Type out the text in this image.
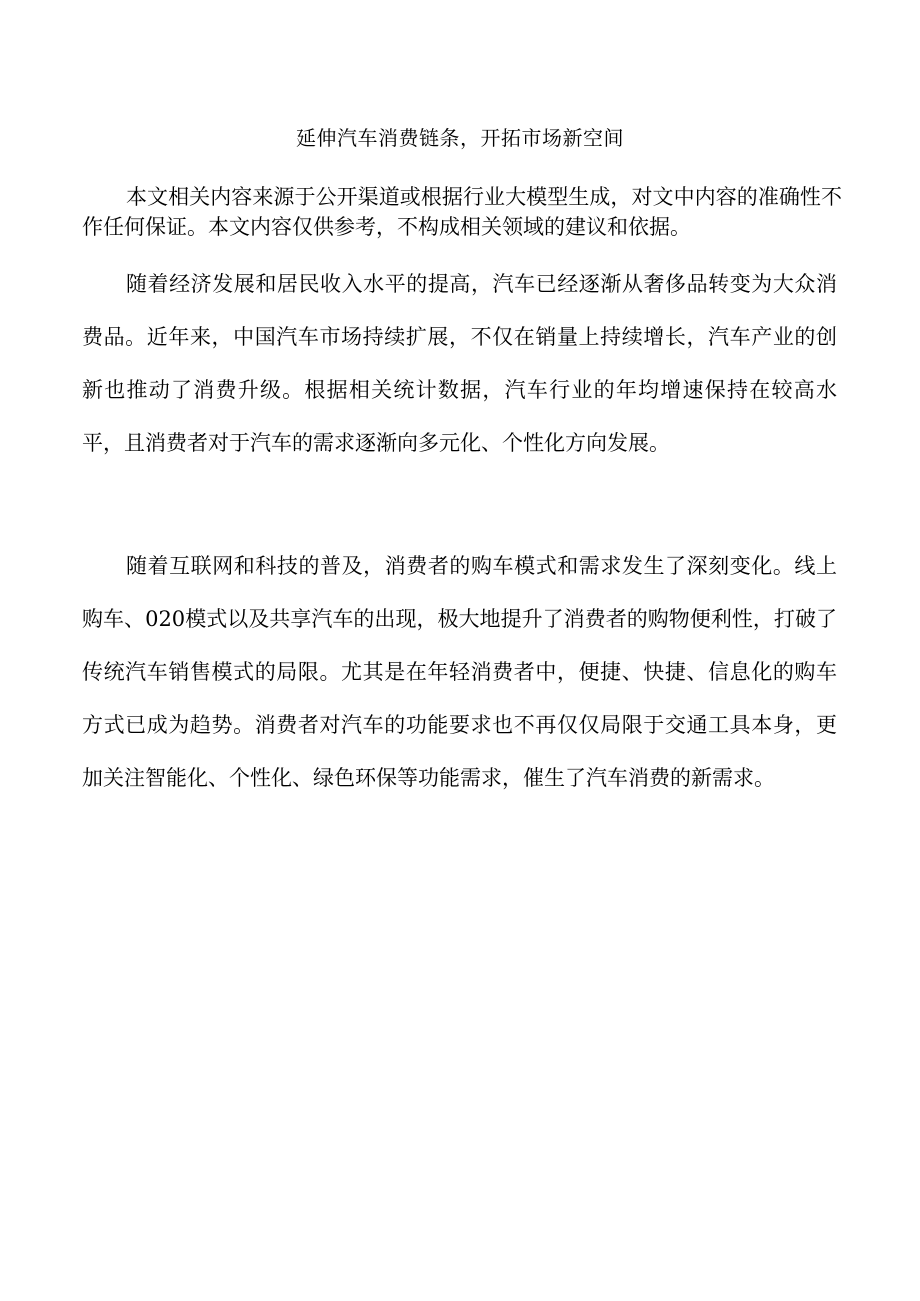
延伸汽车消费链条，开拓市场新空间

本文相关内容来源于公开渠道或根据行业大模型生成，对文中内容的准确性不作任何保证。本文内容仅供参考，不构成相关领域的建议和依据。

随着经济发展和居民收入水平的提高，汽车已经逐渐从奢侈品转变为大众消费品。近年来，中国汽车市场持续扩展，不仅在销量上持续增长，汽车产业的创新也推动了消费升级。根据相关统计数据，汽车行业的年均增速保持在较高水平，且消费者对于汽车的需求逐渐向多元化、个性化方向发展。

随着互联网和科技的普及，消费者的购车模式和需求发生了深刻变化。线上购车、020模式以及共享汽车的出现，极大地提升了消费者的购物便利性，打破了传统汽车销售模式的局限。尤其是在年轻消费者中，便捷、快捷、信息化的购车方式已成为趋势。消费者对汽车的功能要求也不再仅仅局限于交通工具本身，更加关注智能化、个性化、绿色环保等功能需求，催生了汽车消费的新需求。
